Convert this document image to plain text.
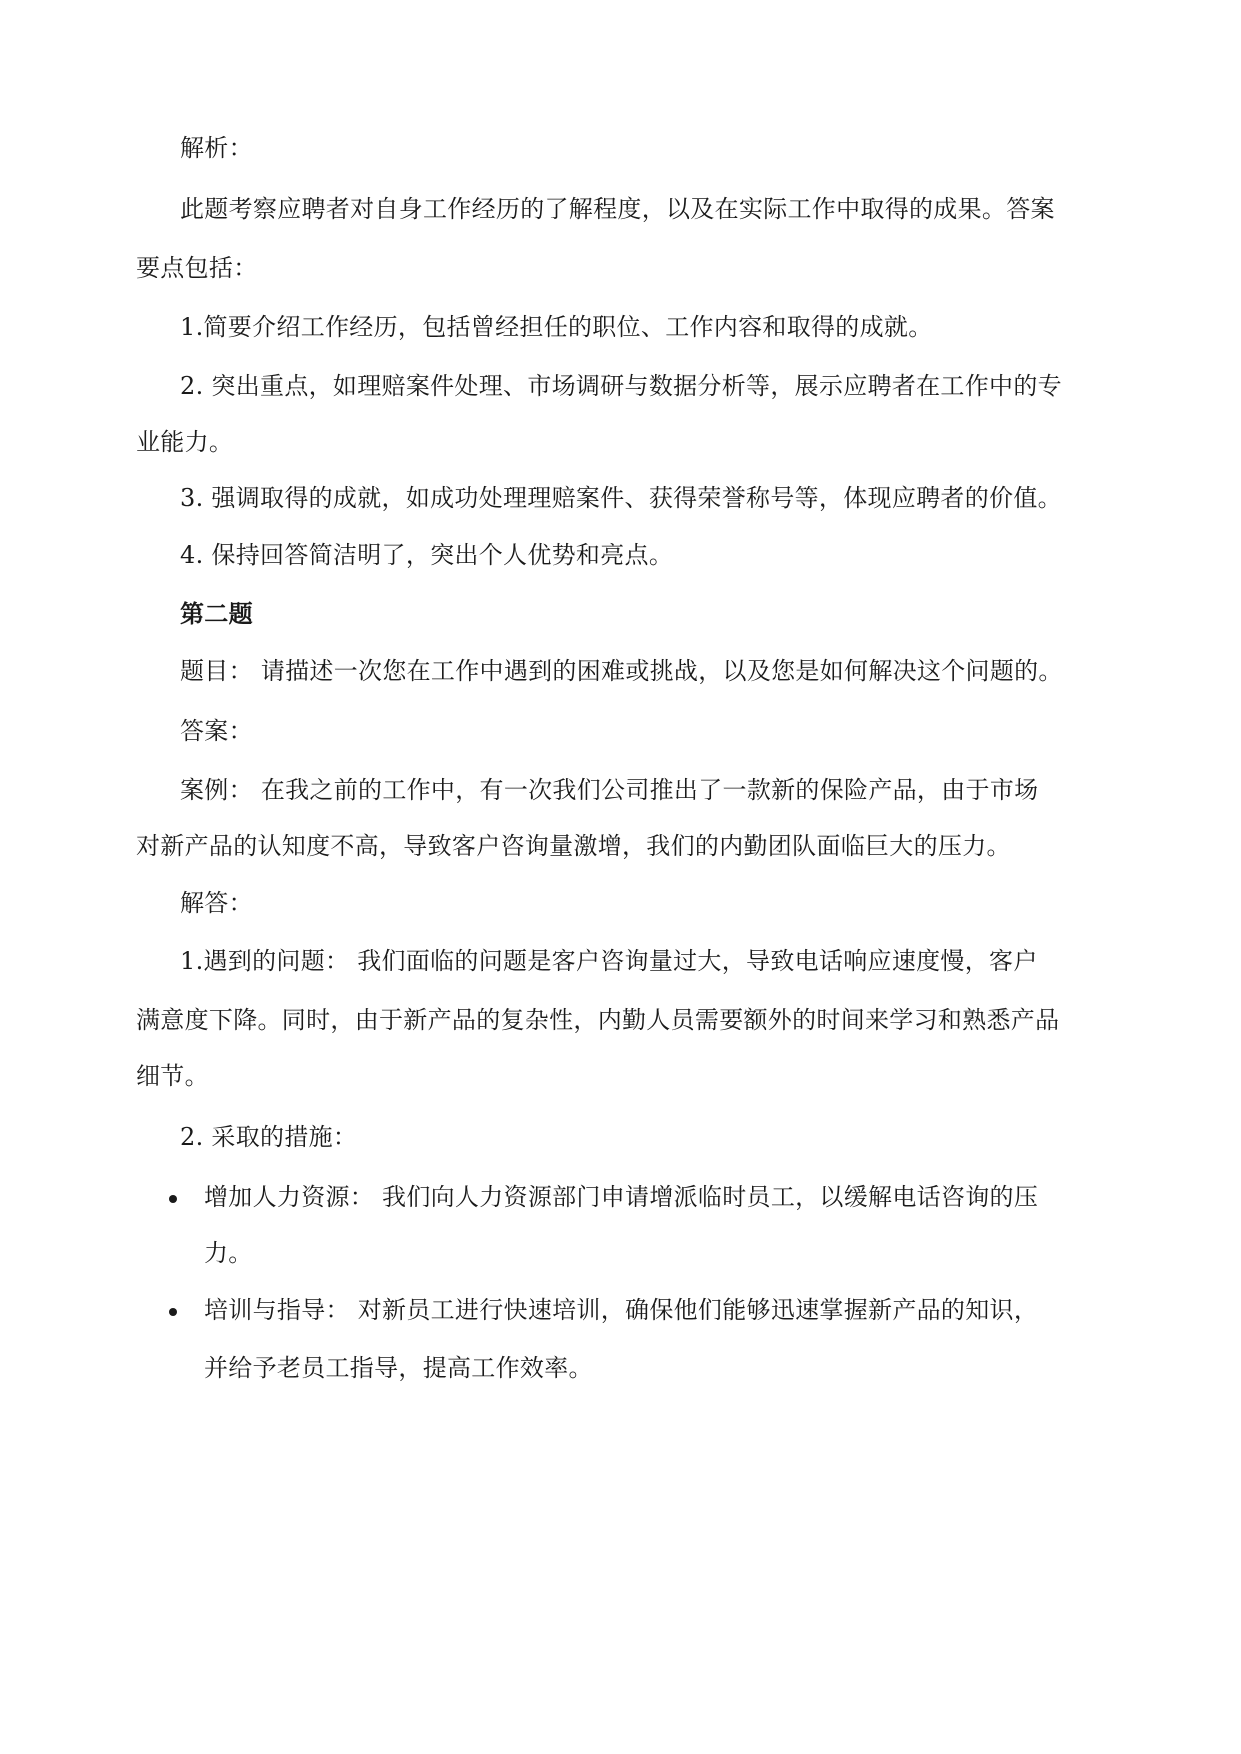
解析：
此题考察应聘者对自身工作经历的了解程度，以及在实际工作中取得的成果。答案
要点包括：
1.简要介绍工作经历，包括曾经担任的职位、工作内容和取得的成就。
2. 突出重点，如理赔案件处理、市场调研与数据分析等，展示应聘者在工作中的专
业能力。
3. 强调取得的成就，如成功处理理赔案件、获得荣誉称号等，体现应聘者的价值。
4. 保持回答简洁明了，突出个人优势和亮点。
第二题
题目： 请描述一次您在工作中遇到的困难或挑战，以及您是如何解决这个问题的。
答案：
案例： 在我之前的工作中，有一次我们公司推出了一款新的保险产品，由于市场
对新产品的认知度不高，导致客户咨询量激增，我们的内勤团队面临巨大的压力。
解答：
1.遇到的问题： 我们面临的问题是客户咨询量过大，导致电话响应速度慢，客户
满意度下降。同时，由于新产品的复杂性，内勤人员需要额外的时间来学习和熟悉产品
细节。
2. 采取的措施：
增加人力资源： 我们向人力资源部门申请增派临时员工，以缓解电话咨询的压
力。
培训与指导： 对新员工进行快速培训，确保他们能够迅速掌握新产品的知识，
并给予老员工指导，提高工作效率。
